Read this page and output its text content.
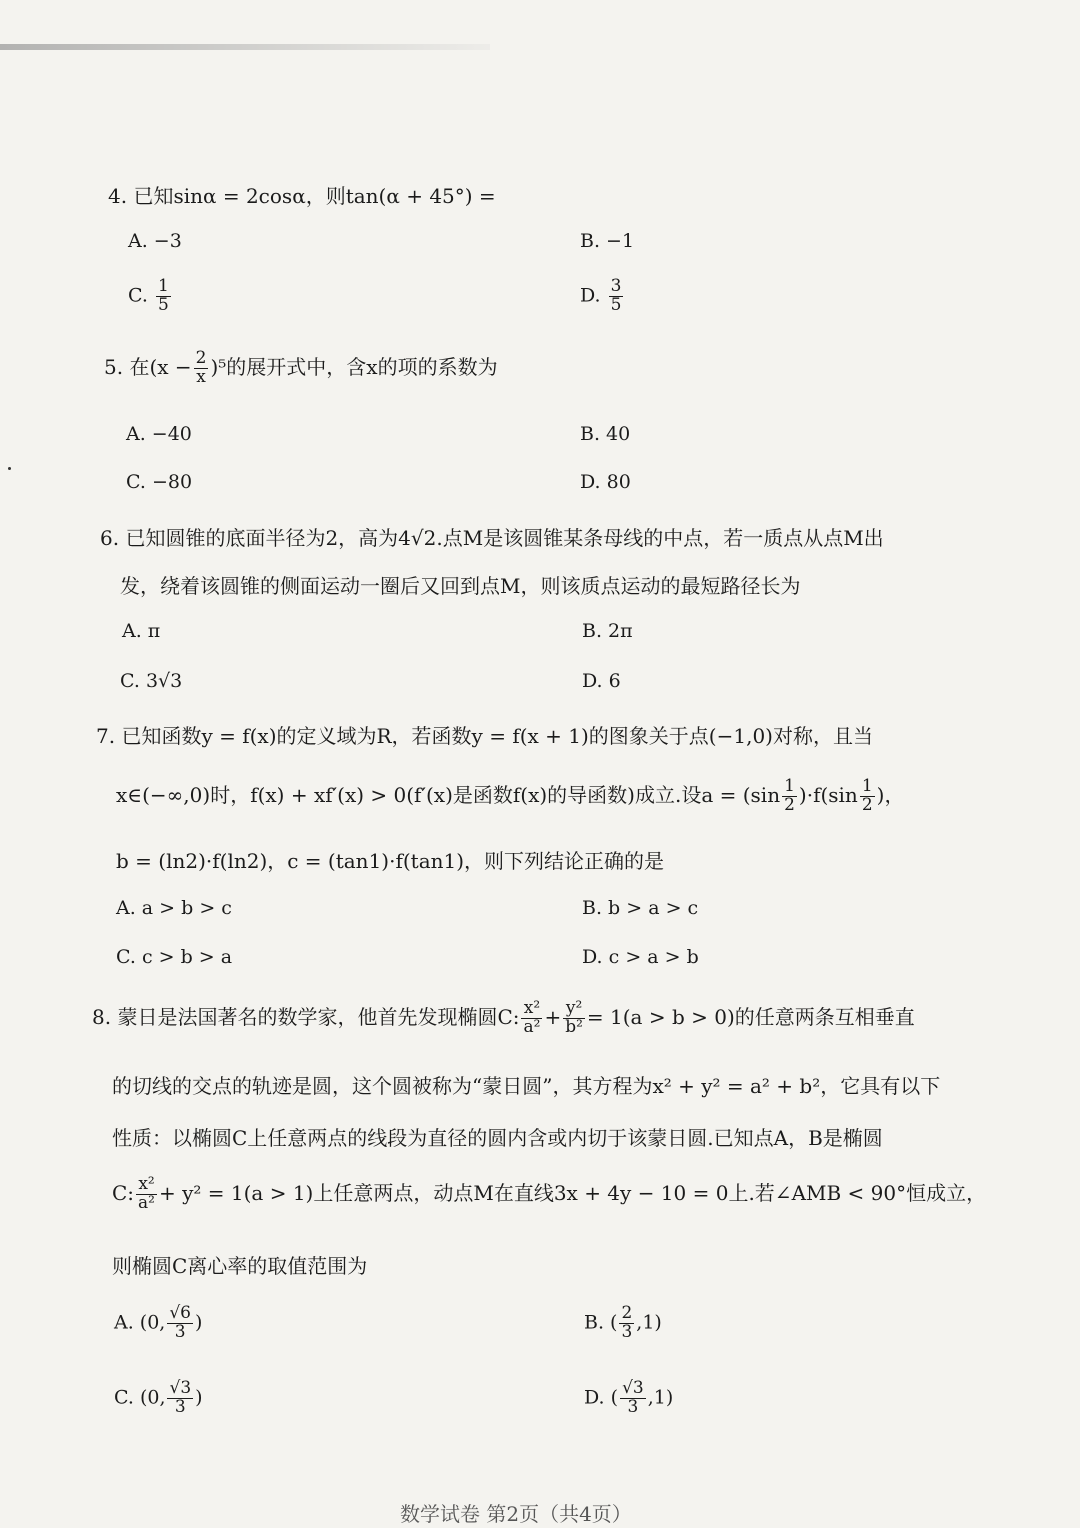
4. 已知sinα = 2cosα，则tan(α + 45°) =
A. −3	B. −1
C. $\frac{1}{5}$	D. $\frac{3}{5}$
5. 在$(x - \frac{2}{x} )^5$的展开式中，含x的项的系数为
A. −40	B. 40
C. −80	D. 80
6. 已知圆锥的底面半径为2，高为4√2.点M是该圆锥某条母线的中点，若一质点从点M出
发，绕着该圆锥的侧面运动一圈后又回到点M，则该质点运动的最短路径长为
A. π	B. 2π
C. 3√3	D. 6
7. 已知函数y = f(x)的定义域为R，若函数y = f(x + 1)的图象关于点(−1,0)对称，且当
x∈(−∞,0)时，f(x) + xf′(x) > 0(f′(x)是函数f(x)的导函数)成立.设$a = (\sin \frac{1}{2} )\cdot f(\sin \frac{1}{2}$ )，
b = (ln2)·f(ln2)，c = (tan1)·f(tan1)，则下列结论正确的是
A. a > b > c	B. b > a > c
C. c > b > a	D. c > a > b
8. 蒙日是法国著名的数学家，他首先发现椭圆C: $\frac{\text{x²}}{\text{a²}} + \frac{\text{y²}}{\text{b²}} = 1(a > b > 0)$的任意两条互相垂直
的切线的交点的轨迹是圆，这个圆被称为“蒙日圆”，其方程为x² + y² = a² + b²，它具有以下
性质：以椭圆C上任意两点的线段为直径的圆内含或内切于该蒙日圆.已知点A，B是椭圆
C: $\frac{\text{x²}}{\text{a²}} + y^2 = 1(a > 1)$上任意两点，动点M在直线3x + 4y − 10 = 0上.若∠AMB < 90°恒成立，
则椭圆C离心率的取值范围为
A. (0, $\frac{√6}{3}$ )	B. ( $\frac{2}{3} ,1$)
C. (0, $\frac{√3}{3}$ )	D. ( $\frac{√3}{3} ,1$)
数学试卷 第2页（共4页）
